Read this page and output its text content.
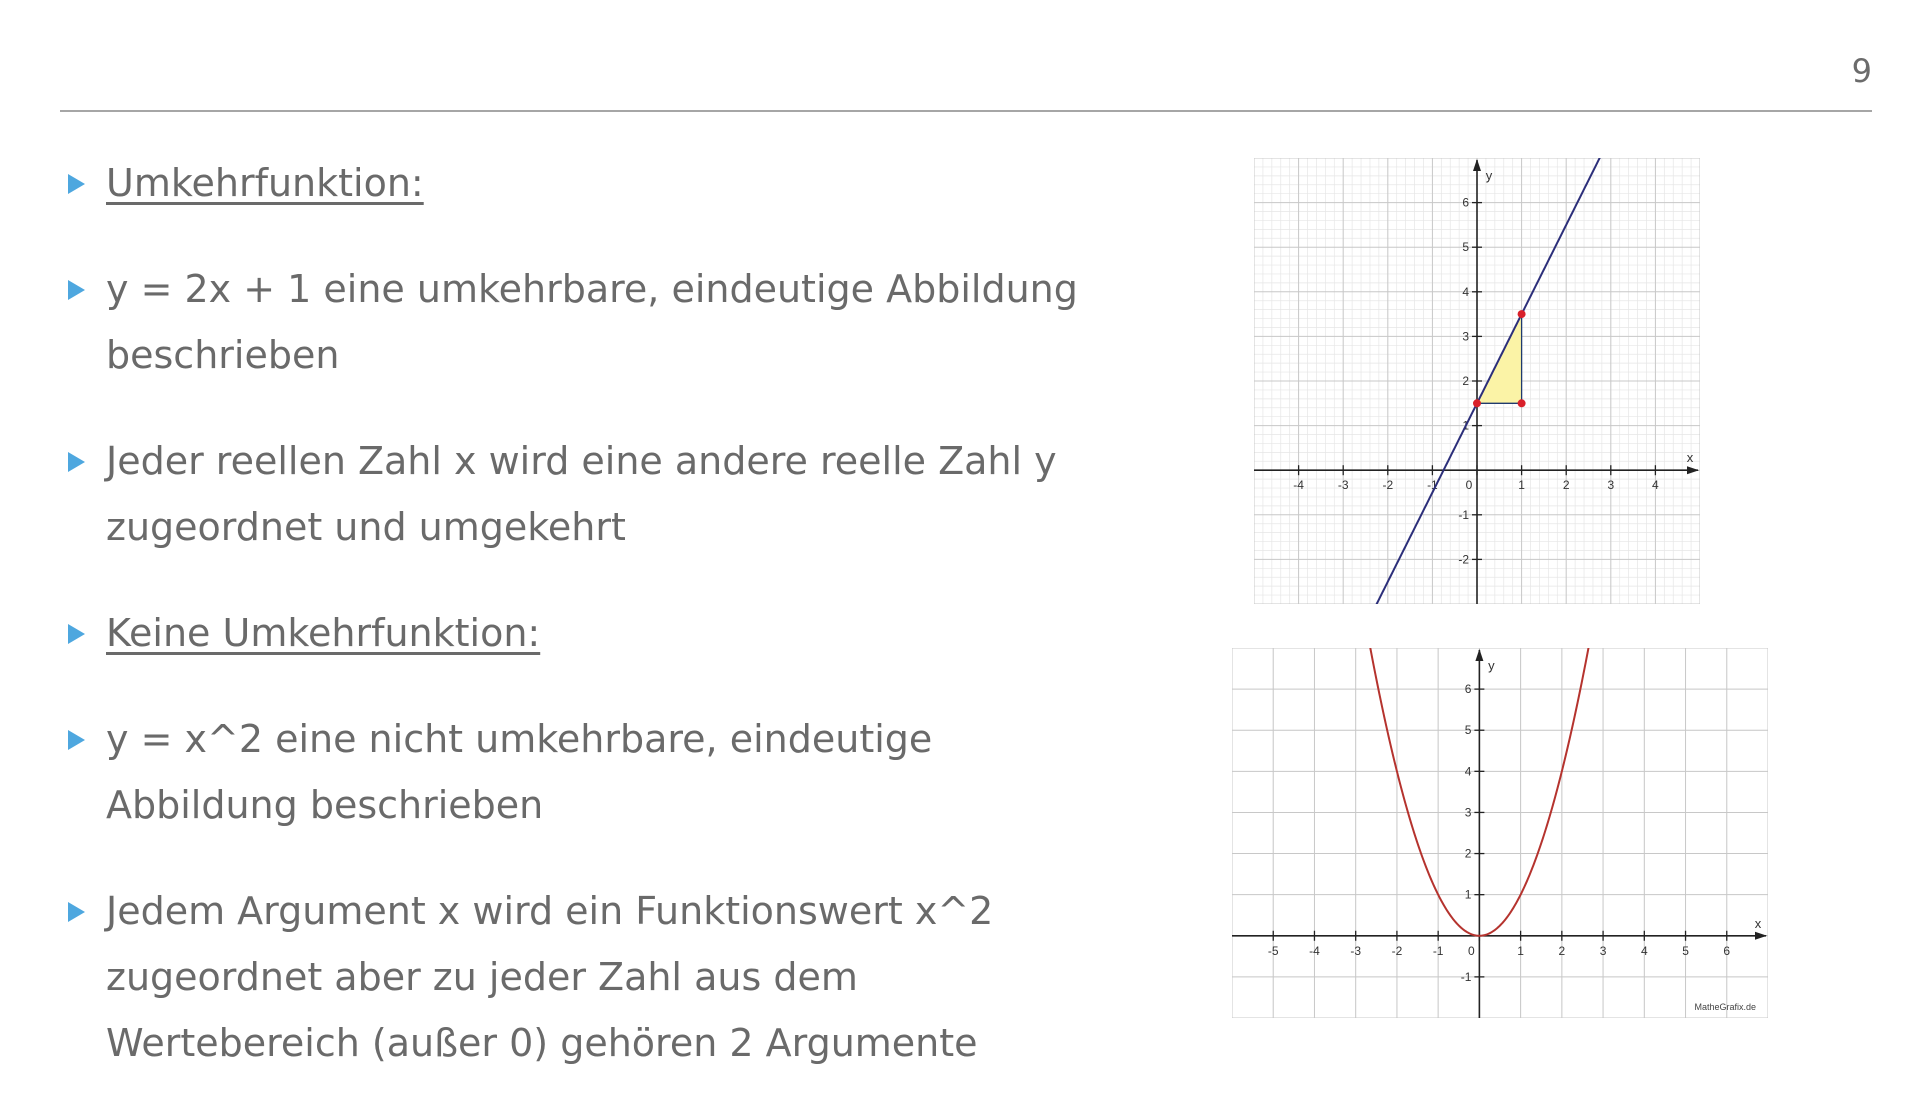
9
Umkehrfunktion:
y = 2x + 1 eine umkehrbare, eindeutige Abbildung beschrieben
Jeder reellen Zahl x wird eine andere reelle Zahl y zugeordnet und umgekehrt
Keine Umkehrfunktion:
y = x^2 eine nicht umkehrbare, eindeutige Abbildung beschrieben
Jedem Argument x wird ein Funktionswert x^2 zugeordnet aber zu jeder Zahl aus dem Wertebereich (außer 0) gehören 2 Argumente
-4	-3	-2	-1 0	1	2	3	4
-2
-1
1
2
3
4
5
6
x
y
-5	-4	-3	-2	-1 0	1	2	3	4	5	6
-1
1
2
3
4
5
6
x
y
MatheGrafix.de
